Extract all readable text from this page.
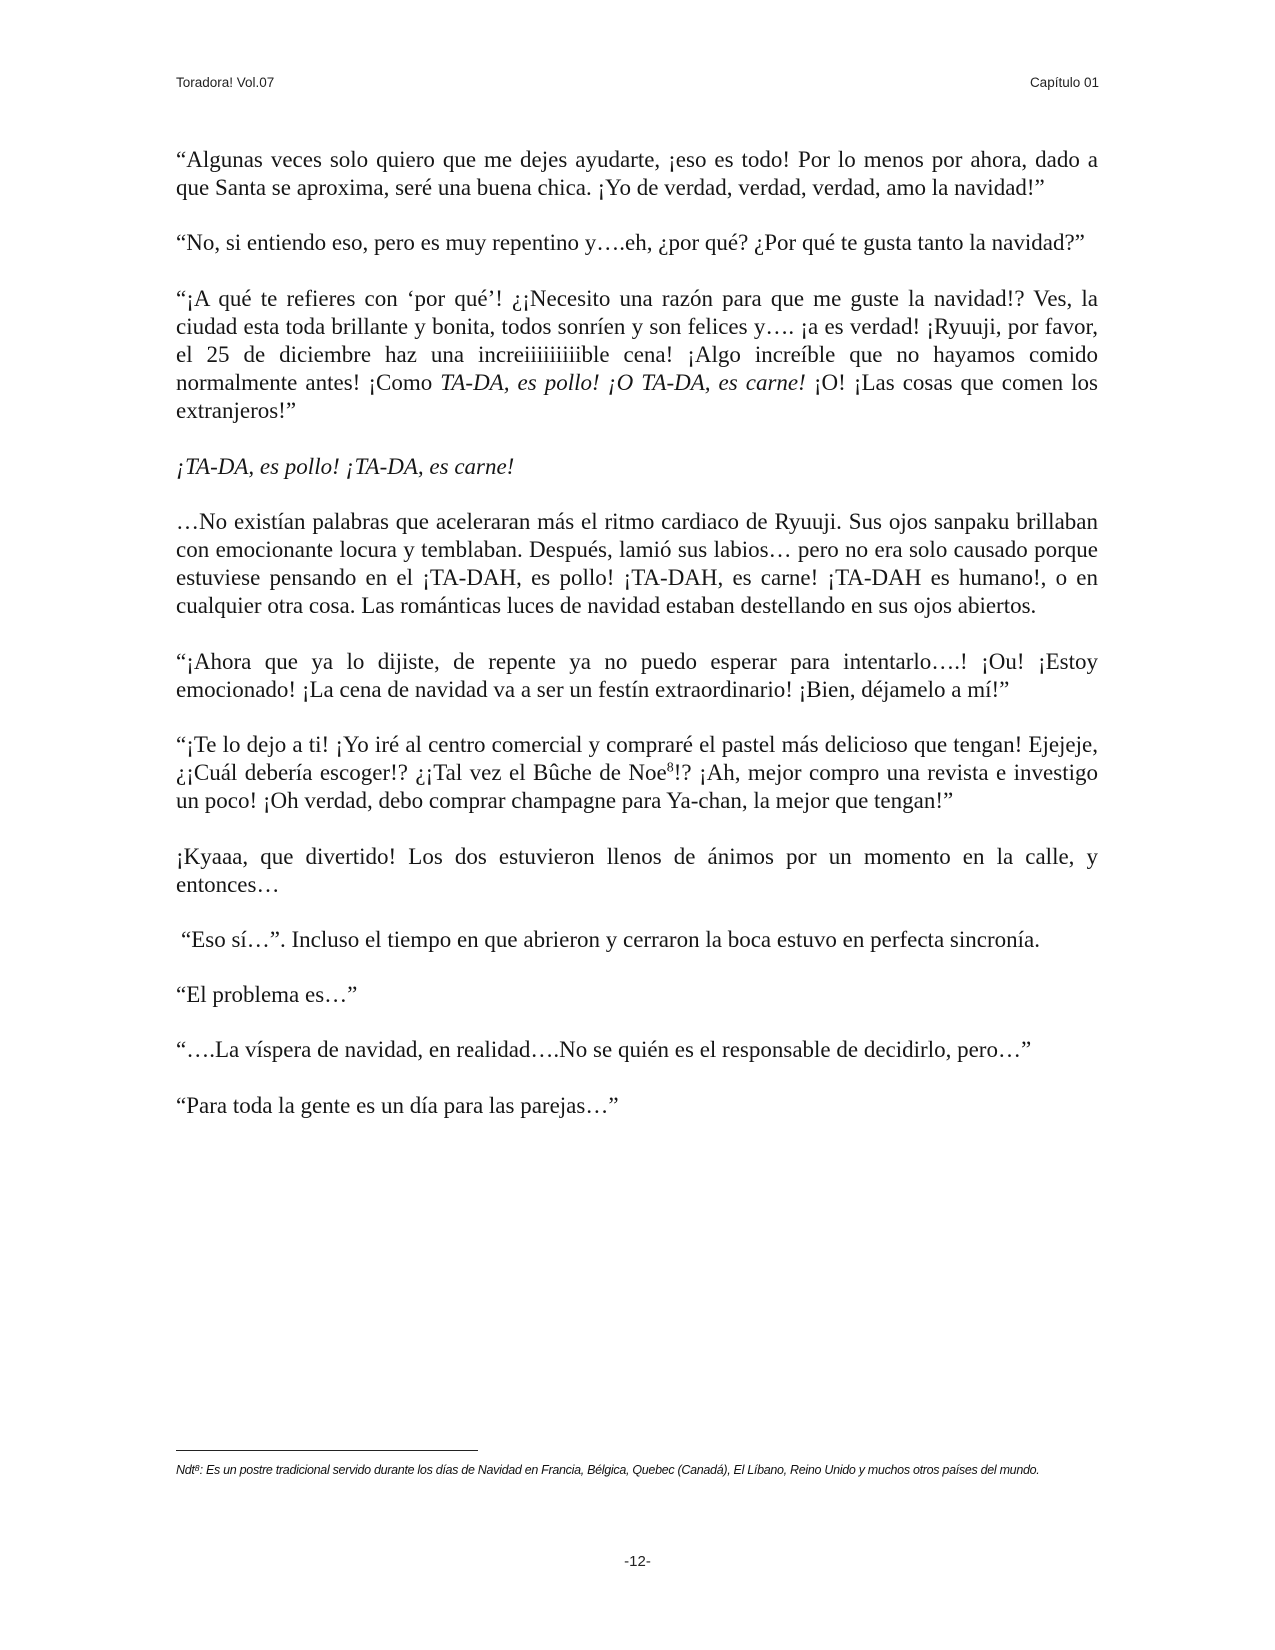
Toradora! Vol.07	Capítulo 01

“Algunas veces solo quiero que me dejes ayudarte, ¡eso es todo! Por lo menos por ahora, dado a que Santa se aproxima, seré una buena chica. ¡Yo de verdad, verdad, verdad, amo la navidad!”

“No, si entiendo eso, pero es muy repentino y….eh, ¿por qué? ¿Por qué te gusta tanto la navidad?”

“¡A qué te refieres con ‘por qué’! ¿¡Necesito una razón para que me guste la navidad!? Ves, la ciudad esta toda brillante y bonita, todos sonríen y son felices y…. ¡a es verdad! ¡Ryuuji, por favor, el 25 de diciembre haz una increiiiiiiiiible cena! ¡Algo increíble que no hayamos comido normalmente antes! ¡Como TA-DA, es pollo! ¡O TA-DA, es carne! ¡O! ¡Las cosas que comen los extranjeros!”

¡TA-DA, es pollo! ¡TA-DA, es carne!

…No existían palabras que aceleraran más el ritmo cardiaco de Ryuuji. Sus ojos sanpaku brillaban con emocionante locura y temblaban. Después, lamió sus labios… pero no era solo causado porque estuviese pensando en el ¡TA-DAH, es pollo! ¡TA-DAH, es carne! ¡TA-DAH es humano!, o en cualquier otra cosa. Las románticas luces de navidad estaban destellando en sus ojos abiertos.

“¡Ahora que ya lo dijiste, de repente ya no puedo esperar para intentarlo….! ¡Ou! ¡Estoy emocionado! ¡La cena de navidad va a ser un festín extraordinario! ¡Bien, déjamelo a mí!”

“¡Te lo dejo a ti! ¡Yo iré al centro comercial y compraré el pastel más delicioso que tengan! Ejejeje, ¿¡Cuál debería escoger!? ¿¡Tal vez el Bûche de Noe$^8$!? ¡Ah, mejor compro una revista e investigo un poco! ¡Oh verdad, debo comprar champagne para Ya-chan, la mejor que tengan!”

¡Kyaaa, que divertido! Los dos estuvieron llenos de ánimos por un momento en la calle, y entonces…

“Eso sí…”. Incluso el tiempo en que abrieron y cerraron la boca estuvo en perfecta sincronía.

“El problema es…”

“….La víspera de navidad, en realidad….No se quién es el responsable de decidirlo, pero…”

“Para toda la gente es un día para las parejas…”

Ndt⁸: Es un postre tradicional servido durante los días de Navidad en Francia, Bélgica, Quebec (Canadá), El Líbano, Reino Unido y muchos otros países del mundo.
-12-
